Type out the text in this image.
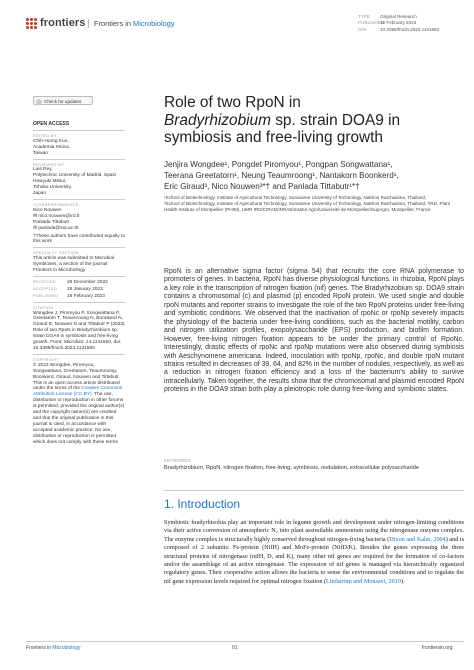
frontiers	Frontiers in Microbiology
TYPE Original Research
PUBLISHED16 February 2023
DOI	10.3389/fmicb.2023.1131860
Check for updates
OPEN ACCESS
EDITED BY
Chih-Horng Kuo,
Academia Sinica,
Taiwan
REVIEWED BY
Luis Rey,
Polytechnic University of Madrid, Spain
Hisayuki Mitsui,
Tohoku University,
Japan
*CORRESPONDENCE
Nico Nouwen
✉ nico.nouwen@ird.fr
Panlada Tittabutr
✉ panlada@sut.ac.th
†These authors have contributed equally to this work
SPECIALTY SECTION
This article was submitted to Microbial Symbioses, a section of the journal Frontiers in Microbiology
RECEIVED 26 December 2022
ACCEPTED 26 January 2023
PUBLISHED 16 February 2023
CITATION
Wongdee J, Piromyou P, Songwattana P, Greetatorn T, Teaumroong N, Boonkerd N, Giraud E, Nouwen N and Tittabutr P (2023) Role of two RpoN in Bradyrhizobium sp. strain DOA9 in symbiosis and free-living growth. Front. Microbiol. 14:1131860. doi: 10.3389/fmicb.2023.1131860
COPYRIGHT
© 2023 Wongdee, Piromyou, Songwattana, Greetatorn, Teaumroong, Boonkerd, Giraud, Nouwen and Tittabutr. This is an open-access article distributed under the terms of the Creative Commons Attribution License (CC BY). The use, distribution or reproduction in other forums is permitted, provided the original author(s) and the copyright owner(s) are credited and that the original publication in this journal is cited, in accordance with accepted academic practice. No use, distribution or reproduction is permitted which does not comply with these terms.
Role of two RpoN in
Bradyrhizobium sp. strain DOA9 in
symbiosis and free-living growth
Jenjira Wongdee¹, Pongdet Piromyou¹, Pongpan Songwattana¹,
Teerana Greetatorn¹, Neung Teaumroong¹, Nantakorn Boonkerd¹,
Eric Giraud³, Nico Nouwen³*† and Panlada Tittabutr¹*†
¹School of Biotechnology, Institute of Agricultural Technology, Suranaree University of Technology, Nakhon Ratchasima, Thailand,
²School of Biotechnology, Institute of Agricultural Technology, Suranaree University of Technology, Nakhon Ratchasima, Thailand, ³IRD, Plant Health Institute of Montpellier (PHIM), UMR IRD/CIRAD/INRAE/Institut Agro/Université de Montpellier/SupAgro, Montpellier, France
RpoN is an alternative sigma factor (sigma 54) that recruits the core RNA polymerase to promoters of genes. In bacteria, RpoN has diverse physiological functions. In rhizobia, RpoN plays a key role in the transcription of nitrogen fixation (nif) genes. The Bradyrhizobium sp. DOA9 strain contains a chromosomal (c) and plasmid (p) encoded RpoN protein. We used single and double rpoN mutants and reporter strains to investigate the role of the two RpoN proteins under free-living and symbiotic conditions. We observed that the inactivation of rpoNc or rpoNp severely impacts the physiology of the bacteria under free-living conditions, such as the bacterial motility, carbon and nitrogen utilization profiles, exopolysaccharide (EPS) production, and biofilm formation. However, free-living nitrogen fixation appears to be under the primary control of RpoNc. Interestingly, drastic effects of rpoNc and rpoNp mutations were also observed during symbiosis with Aeschynomene americana. Indeed, inoculation with rpoNp, rpoNc, and double rpoN mutant strains resulted in decreases of 39, 64, and 82% in the number of nodules, respectively, as well as a reduction in nitrogen fixation efficiency and a loss of the bacterium's ability to survive intracellularly. Taken together, the results show that the chromosomal and plasmid encoded RpoN proteins in the DOA9 strain both play a pleiotropic role during free-living and symbiotic states.
KEYWORDS
Bradyrhizobium, RpoN, nitrogen fixation, free-living, symbiosis, nodulation, extracellular polysaccharide
1. Introduction
Symbiotic bradyrhizobia play an important role in legume growth and development under nitrogen-limiting conditions via their active conversion of atmospheric N₂ into plant assimilable ammonium using the nitrogenase enzyme complex. The enzyme complex is structurally highly conserved throughout nitrogen-fixing bacteria (Dixon and Kahn, 2004) and is composed of 2 subunits: Fe-protein (NifH) and MoFe-protein (NifD/K). Besides the genes expressing the three structural proteins of nitrogenase (nifH, D, and K), many other nif genes are required for the formation of co-factors and/or the assemblage of an active nitrogenase. The expression of nif genes is managed via hierarchically organized regulatory genes. Their cooperative action allows the bacteria to sense the environmental conditions and to regulate the nif gene expression levels required for optimal nitrogen fixation (Lindström and Mousavi, 2019).
Frontiers in Microbiology	01	frontiersin.org
